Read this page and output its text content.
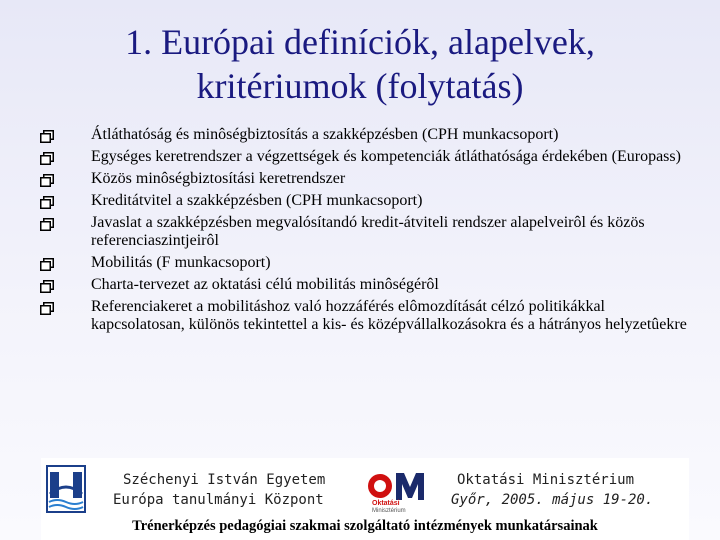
1. Európai definíciók, alapelvek,
kritériumok (folytatás)
Átláthatóság és minôségbiztosítás a szakképzésben (CPH munkacsoport)
Egységes keretrendszer a végzettségek és kompetenciák átláthatósága érdekében (Europass)
Közös minôségbiztosítási keretrendszer
Kreditátvitel a szakképzésben (CPH munkacsoport)
Javaslat a szakképzésben megvalósítandó kredit-átviteli rendszer alapelveirôl és közös referenciaszintjeirôl
Mobilitás (F munkacsoport)
Charta-tervezet az oktatási célú mobilitás minôségérôl
Referenciakeret a mobilitáshoz való hozzáférés elômozdítását célzó politikákkal kapcsolatosan, különös tekintettel a kis- és középvállalkozásokra és a hátrányos helyzetûekre
Széchenyi István Egyetem
Európa tanulmányi Központ	Oktatási
Minisztérium
Oktatási Minisztérium
Győr, 2005. május 19-20.
Trénerképzés pedagógiai szakmai szolgáltató intézmények munkatársainak
